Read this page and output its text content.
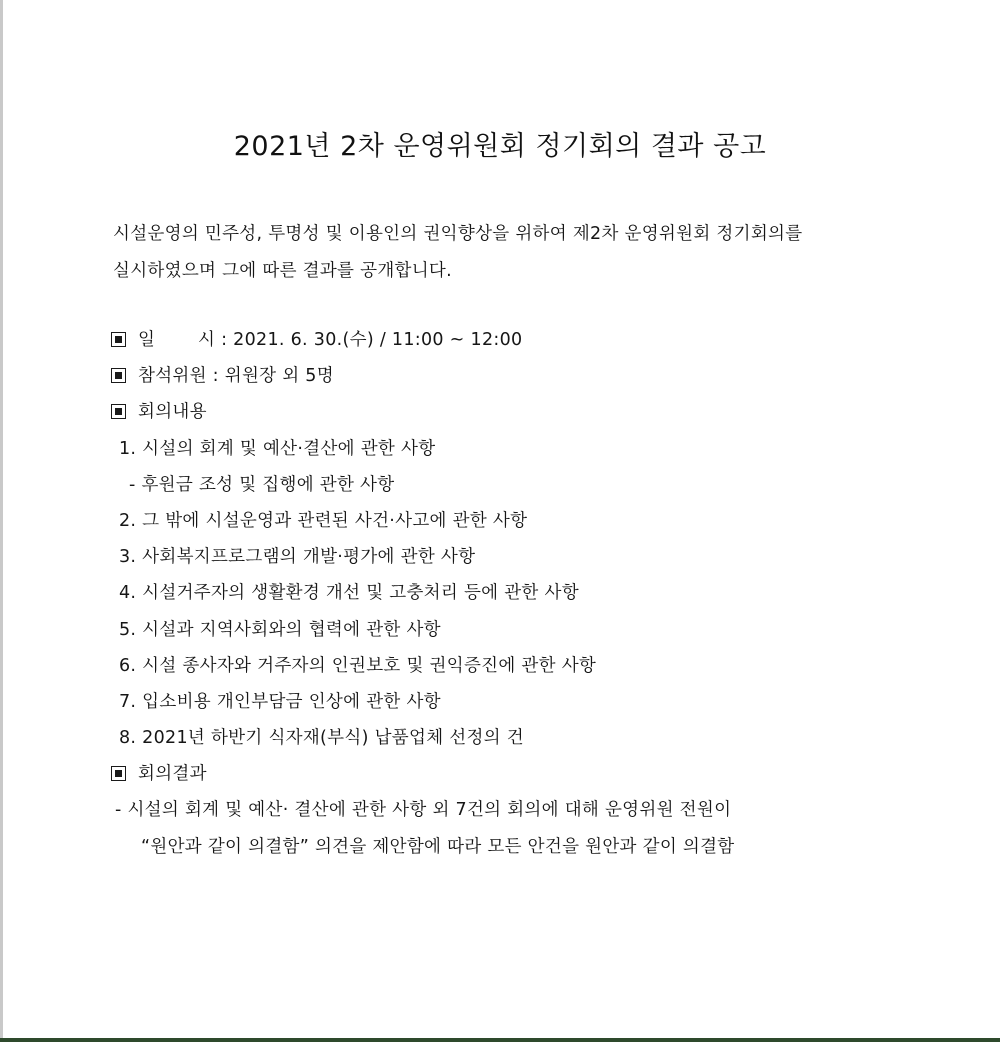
2021년 2차 운영위원회 정기회의 결과 공고
시설운영의 민주성, 투명성 및 이용인의 권익향상을 위하여 제2차 운영위원회 정기회의를
실시하였으며 그에 따른 결과를 공개합니다.
일 시 : 2021. 6. 30.(수) / 11:00 ~ 12:00
참석위원 : 위원장 외 5명
회의내용
1. 시설의 회계 및 예산·결산에 관한 사항
- 후원금 조성 및 집행에 관한 사항
2. 그 밖에 시설운영과 관련된 사건·사고에 관한 사항
3. 사회복지프로그램의 개발·평가에 관한 사항
4. 시설거주자의 생활환경 개선 및 고충처리 등에 관한 사항
5. 시설과 지역사회와의 협력에 관한 사항
6. 시설 종사자와 거주자의 인권보호 및 권익증진에 관한 사항
7. 입소비용 개인부담금 인상에 관한 사항
8. 2021년 하반기 식자재(부식) 납품업체 선정의 건
회의결과
- 시설의 회계 및 예산· 결산에 관한 사항 외 7건의 회의에 대해 운영위원 전원이
“원안과 같이 의결함” 의견을 제안함에 따라 모든 안건을 원안과 같이 의결함
